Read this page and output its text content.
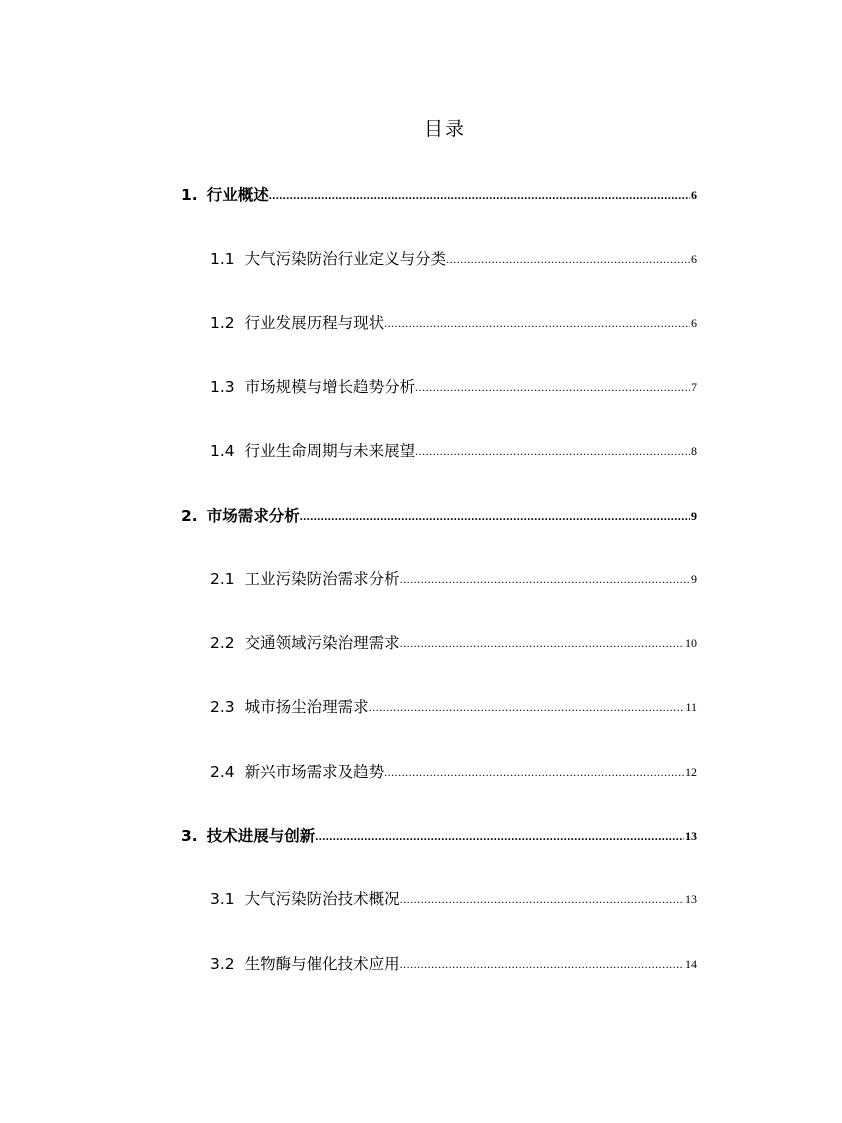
目录
1. 行业概述 .....	6
1.1 大气污染防治行业定义与分类 .....	6
1.2 行业发展历程与现状 .....	6
1.3 市场规模与增长趋势分析 .....	7
1.4 行业生命周期与未来展望 .....	8
2. 市场需求分析 .....	9
2.1 工业污染防治需求分析 .....	9
2.2 交通领域污染治理需求 .....	10
2.3 城市扬尘治理需求 .....	11
2.4 新兴市场需求及趋势 .....	12
3. 技术进展与创新 .....	13
3.1 大气污染防治技术概况 .....	13
3.2 生物酶与催化技术应用 .....	14
